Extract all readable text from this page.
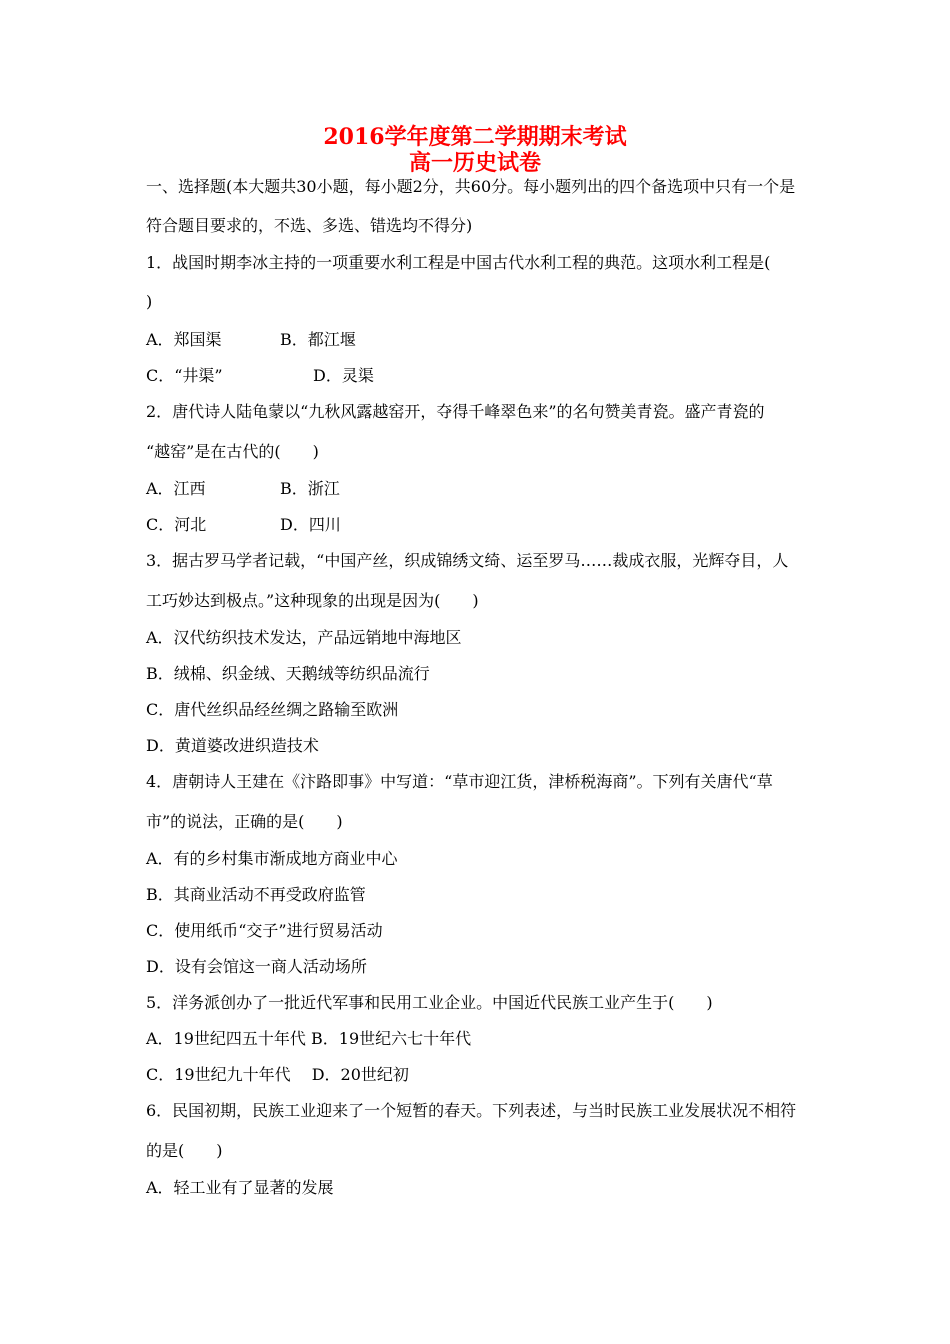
2016学年度第二学期期末考试
高一历史试卷
一、选择题(本大题共30小题，每小题2分，共60分。每小题列出的四个备选项中只有一个是
符合题目要求的，不选、多选、错选均不得分)
1．战国时期李冰主持的一项重要水利工程是中国古代水利工程的典范。这项水利工程是(
)
A．郑国渠	B．都江堰
C．“井渠”	D．灵渠
2．唐代诗人陆龟蒙以“九秋风露越窑开，夺得千峰翠色来”的名句赞美青瓷。盛产青瓷的
“越窑”是在古代的(　　)
A．江西	B．浙江
C．河北	D．四川
3．据古罗马学者记载，“中国产丝，织成锦绣文绮、运至罗马……裁成衣服，光辉夺目，人
工巧妙达到极点。”这种现象的出现是因为(　　)
A．汉代纺织技术发达，产品远销地中海地区
B．绒棉、织金绒、天鹅绒等纺织品流行
C．唐代丝织品经丝绸之路输至欧洲
D．黄道婆改进织造技术
4．唐朝诗人王建在《汴路即事》中写道：“草市迎江货，津桥税海商”。下列有关唐代“草
市”的说法，正确的是(　　)
A．有的乡村集市渐成地方商业中心
B．其商业活动不再受政府监管
C．使用纸币“交子”进行贸易活动
D．设有会馆这一商人活动场所
5．洋务派创办了一批近代军事和民用工业企业。中国近代民族工业产生于(　　)
A．19世纪四五十年代 B．19世纪六七十年代
C．19世纪九十年代　 D．20世纪初
6．民国初期，民族工业迎来了一个短暂的春天。下列表述，与当时民族工业发展状况不相符
的是(　　)
A．轻工业有了显著的发展
